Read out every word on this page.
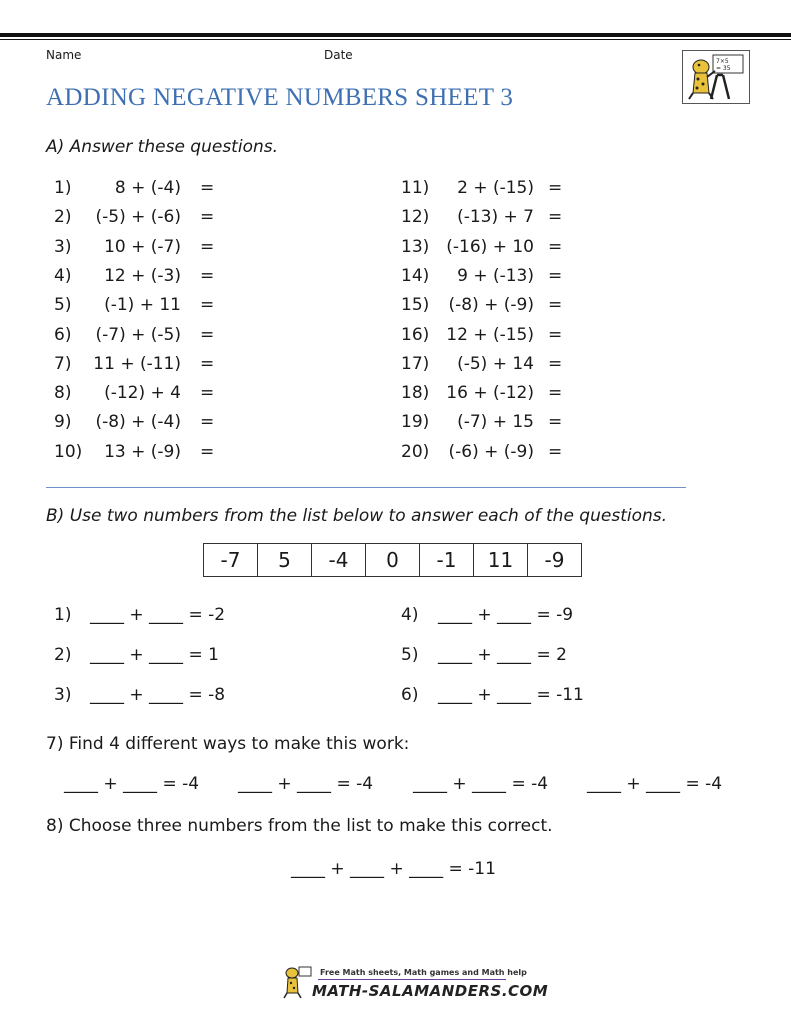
Name	Date	7×5
= 35
ADDING NEGATIVE NUMBERS SHEET 3
A) Answer these questions.
1)	8 + (-4) =
2)	(-5) + (-6) =
3)	10 + (-7) =
4)	12 + (-3) =
5)	(-1) + 11 =
6)	(-7) + (-5) =
7)	11 + (-11) =
8)	(-12) + 4 =
9)	(-8) + (-4) =
10)	13 + (-9) =
11)	2 + (-15) =
12)	(-13) + 7 =
13)	(-16) + 10 =
14)	9 + (-13) =
15)	(-8) + (-9) =
16)	12 + (-15) =
17)	(-5) + 14 =
18)	16 + (-12) =
19)	(-7) + 15 =
20)	(-6) + (-9) =
B) Use two numbers from the list below to answer each of the questions.
-7	5	-4	0	-1	11	-9
1) ____ + ____ = -2
2) ____ + ____ = 1
3) ____ + ____ = -8
4) ____ + ____ = -9
5) ____ + ____ = 2
6) ____ + ____ = -11
7) Find 4 different ways to make this work:
____ + ____ = -4 ____ + ____ = -4 ____ + ____ = -4 ____ + ____ = -4
8) Choose three numbers from the list to make this correct.
____ + ____ + ____ = -11
Free Math sheets, Math games and Math help
MATH-SALAMANDERS.COM
